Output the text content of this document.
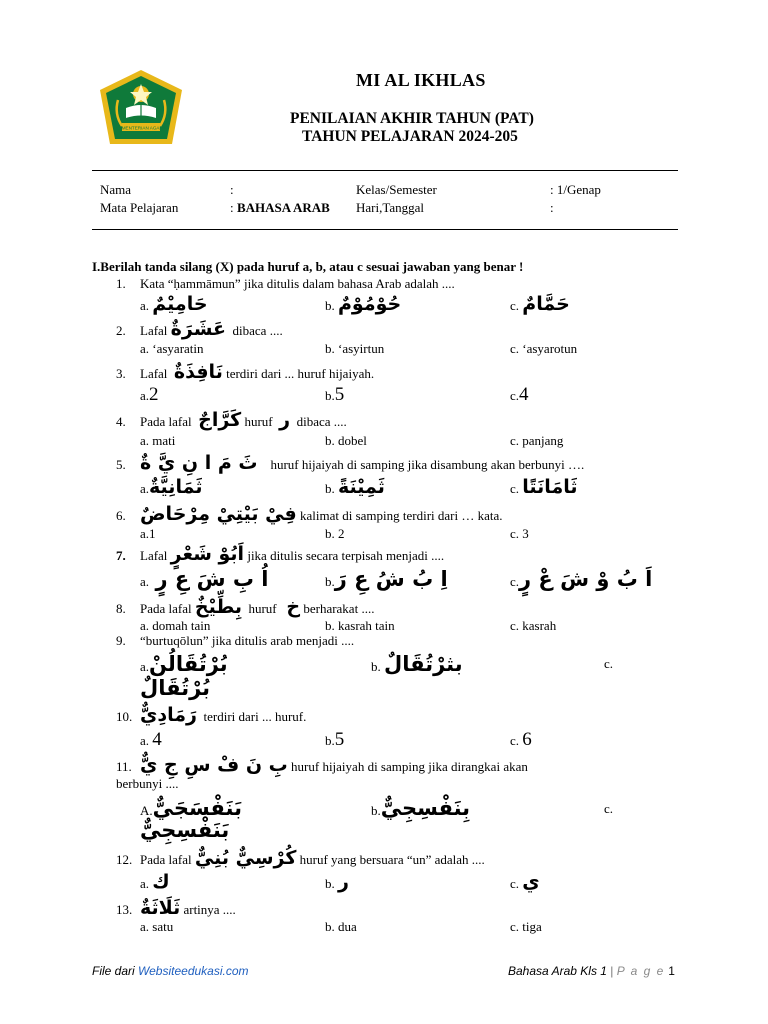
KEMENTERIAN AGAMA
MI AL IKHLAS
PENILAIAN AKHIR TAHUN (PAT)
TAHUN PELAJARAN 2024-205
Nama	:	Kelas/Semester	: 1/Genap
Mata Pelajaran	: BAHASA ARAB Hari,Tanggal	:
I.Berilah tanda silang (X) pada huruf a, b, atau c sesuai jawaban yang benar !
1. Kata “ḥammāmun” jika ditulis dalam bahasa Arab adalah ....
a. حَامِيْمٌ	b. حُوْمُوْمٌ	c. حَمَّامٌ
2. Lafal عَشَرَةٌ dibaca ....
a. ‘asyaratin	b. ‘asyirtun	c. ‘asyarotun
3. Lafal نَافِذَةٌ terdiri dari ... huruf hijaiyah.
a.2	b.5	c.4
4. Pada lafal كَرَّاجٌ huruf ر dibaca ....
a. mati	b. dobel	c. panjang
5. ثَ مَ ا نِ يَّ ةٌ huruf hijaiyah di samping jika disambung akan berbunyi ….
a.ثَمَانِيَّةٌ	b. ثَمِيْنَةً	c. ثَامَانَتًا
6. فِيْ بَيْتِيْ مِرْحَاضٌ kalimat di samping terdiri dari … kata.
a.1	b. 2	c. 3
7. Lafal اَبُوْ شَعْرٍ jika ditulis secara terpisah menjadi ....
a. اُ بِ شَ عِ رٍ	b.اِ بُ شُ عِ رَ	c.اَ بُ وْ شَ عْ رٍ
8. Pada lafal بِطِّيْخٌ huruf خ berharakat ....
a. domah tain	b. kasrah tain	c. kasrah
9. “burtuqōlun” jika ditulis arab menjadi ....
a.بُرْتُقَالُنْ	b. بثرْتُقَالٌ	c.
بُرْتُقَالٌ
10. رَمَادِيٌّ terdiri dari ... huruf.
a. 4	b.5	c. 6
11. بِ نَ فْ سِ جِ يٌّ huruf hijaiyah di samping jika dirangkai akan
berbunyi ....
A.بَنَفْسَجَيٌّ	b.بِنَفْسِجِيٌّ	c.
بَنَفْسِجِيٌّ
12. Pada lafal كُرْسِيٌّ بُنِيٌّ huruf yang bersuara “un” adalah ....
a. ك	b. ر	c. ي
13. ثَلَاثَةٌ artinya ....
a. satu	b. dua	c. tiga
File dari Websiteedukasi.com	Bahasa Arab Kls 1 | P a g e 1
